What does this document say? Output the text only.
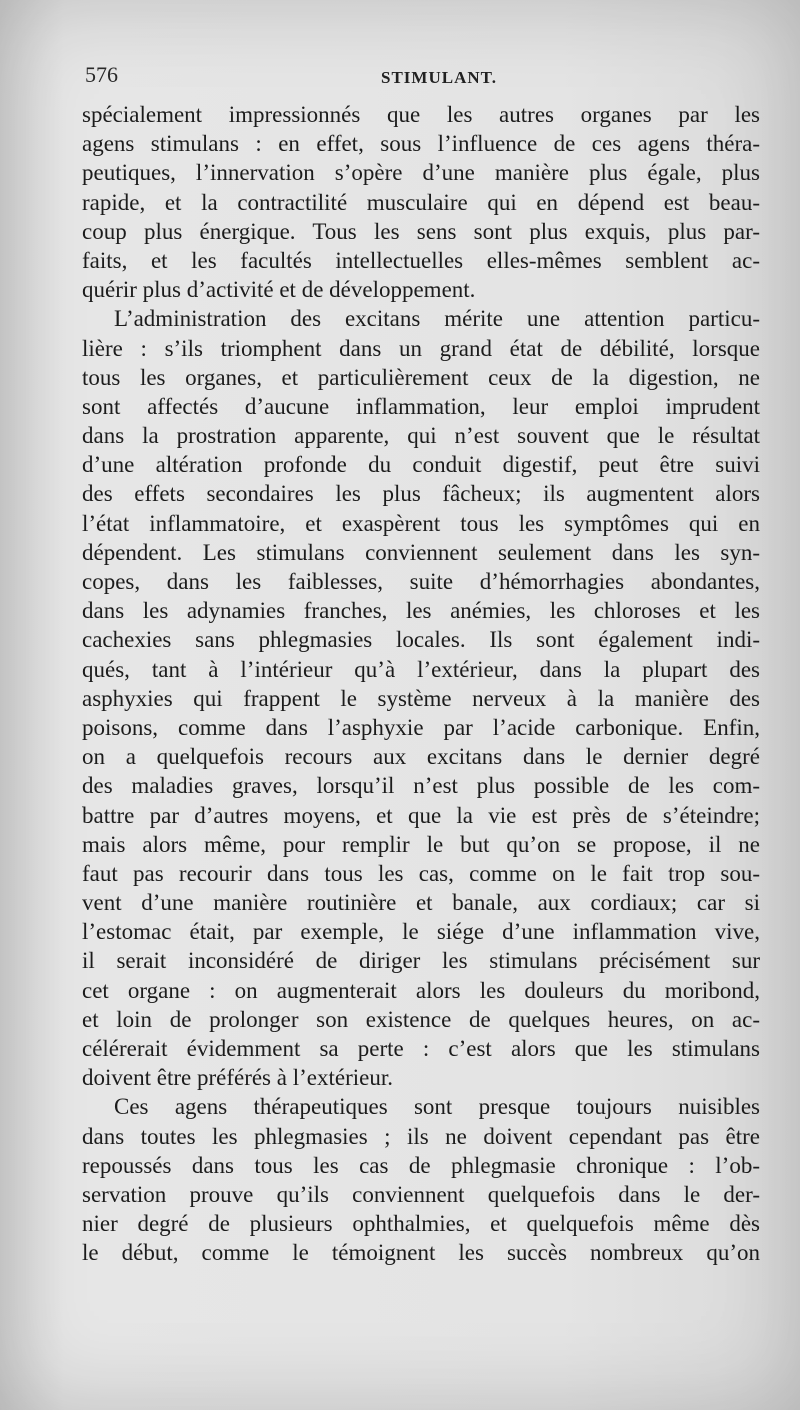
576	STIMULANT.
spécialement impressionnés que les autres organes par les
agens stimulans : en effet, sous l’influence de ces agens théra-
peutiques, l’innervation s’opère d’une manière plus égale, plus
rapide, et la contractilité musculaire qui en dépend est beau-
coup plus énergique. Tous les sens sont plus exquis, plus par-
faits, et les facultés intellectuelles elles-mêmes semblent ac-
quérir plus d’activité et de développement.
L’administration des excitans mérite une attention particu-
lière : s’ils triomphent dans un grand état de débilité, lorsque
tous les organes, et particulièrement ceux de la digestion, ne
sont affectés d’aucune inflammation, leur emploi imprudent
dans la prostration apparente, qui n’est souvent que le résultat
d’une altération profonde du conduit digestif, peut être suivi
des effets secondaires les plus fâcheux; ils augmentent alors
l’état inflammatoire, et exaspèrent tous les symptômes qui en
dépendent. Les stimulans conviennent seulement dans les syn-
copes, dans les faiblesses, suite d’hémorrhagies abondantes,
dans les adynamies franches, les anémies, les chloroses et les
cachexies sans phlegmasies locales. Ils sont également indi-
qués, tant à l’intérieur qu’à l’extérieur, dans la plupart des
asphyxies qui frappent le système nerveux à la manière des
poisons, comme dans l’asphyxie par l’acide carbonique. Enfin,
on a quelquefois recours aux excitans dans le dernier degré
des maladies graves, lorsqu’il n’est plus possible de les com-
battre par d’autres moyens, et que la vie est près de s’éteindre;
mais alors même, pour remplir le but qu’on se propose, il ne
faut pas recourir dans tous les cas, comme on le fait trop sou-
vent d’une manière routinière et banale, aux cordiaux; car si
l’estomac était, par exemple, le siége d’une inflammation vive,
il serait inconsidéré de diriger les stimulans précisément sur
cet organe : on augmenterait alors les douleurs du moribond,
et loin de prolonger son existence de quelques heures, on ac-
célérerait évidemment sa perte : c’est alors que les stimulans
doivent être préférés à l’extérieur.
Ces agens thérapeutiques sont presque toujours nuisibles
dans toutes les phlegmasies ; ils ne doivent cependant pas être
repoussés dans tous les cas de phlegmasie chronique : l’ob-
servation prouve qu’ils conviennent quelquefois dans le der-
nier degré de plusieurs ophthalmies, et quelquefois même dès
le début, comme le témoignent les succès nombreux qu’on
